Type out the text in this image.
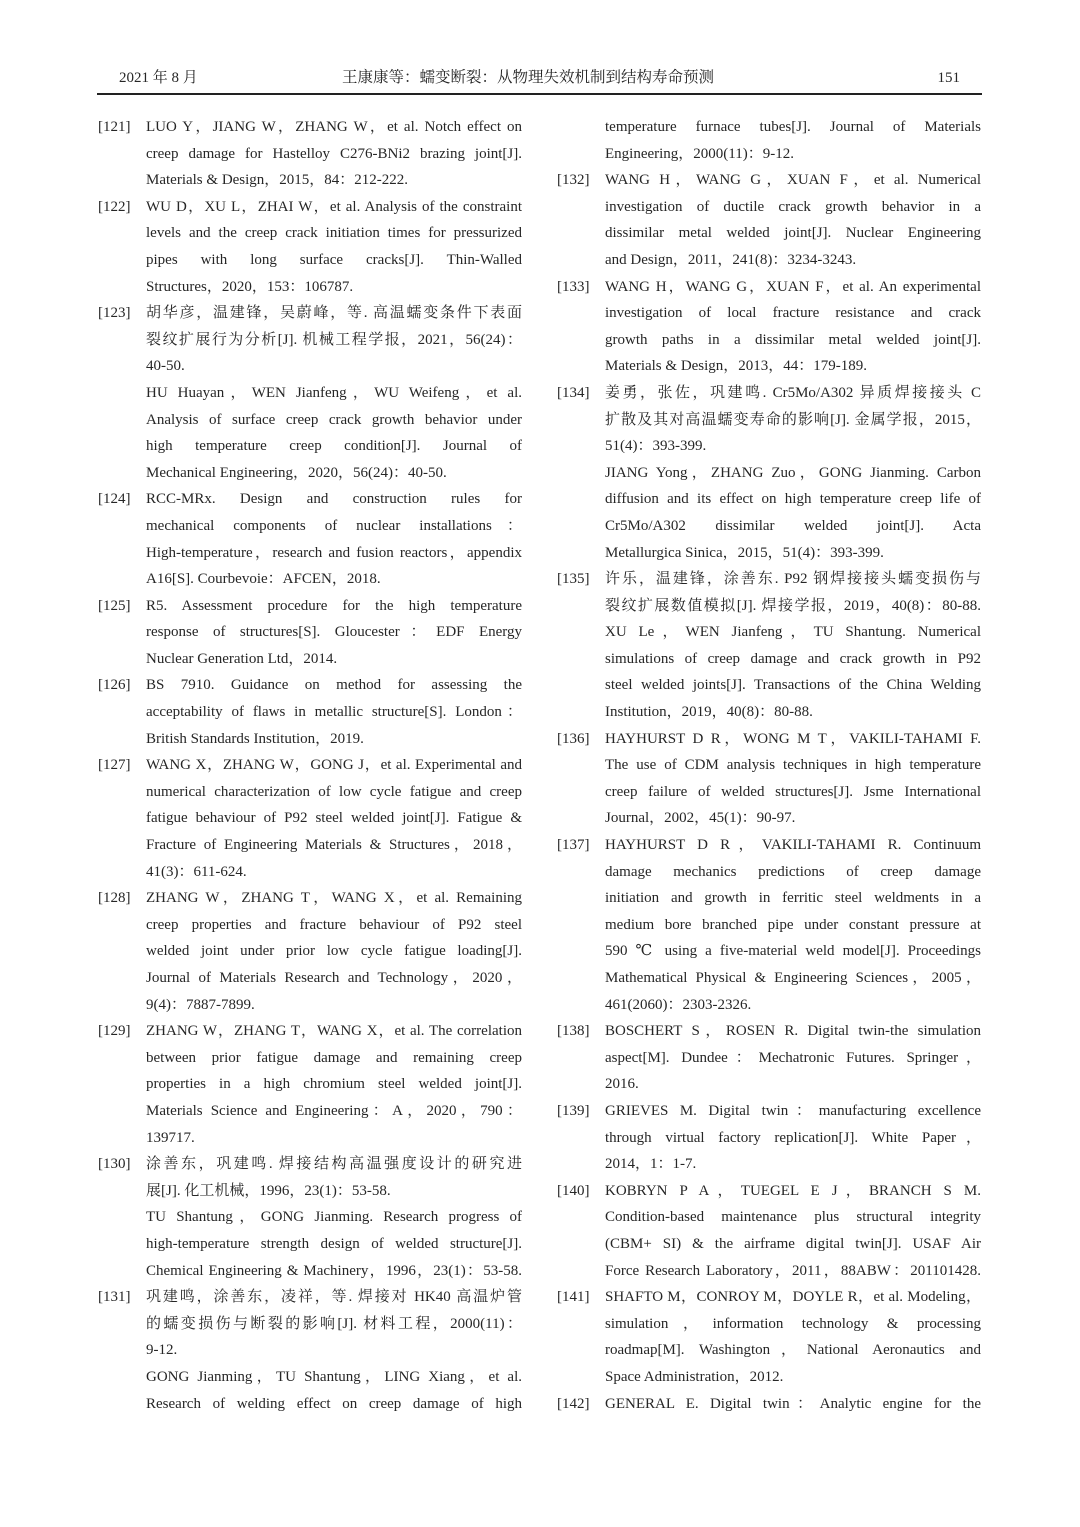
2021 年 8 月	王康康等：蠕变断裂：从物理失效机制到结构寿命预测	151
[121] LUO Y，JIANG W，ZHANG W，et al. Notch effect on
creep damage for Hastelloy C276-BNi2 brazing joint[J].
Materials & Design，2015，84：212-222.
[122] WU D，XU L，ZHAI W，et al. Analysis of the constraint
levels and the creep crack initiation times for pressurized
pipes with long surface cracks[J]. Thin-Walled
Structures，2020，153：106787.
[123] 胡华彦，温建锋，吴蔚峰，等. 高温蠕变条件下表面
裂纹扩展行为分析[J]. 机械工程学报，2021，56(24)：
40-50.
HU Huayan，WEN Jianfeng，WU Weifeng，et al.
Analysis of surface creep crack growth behavior under
high temperature creep condition[J]. Journal of
Mechanical Engineering，2020，56(24)：40-50.
[124] RCC-MRx. Design and construction rules for
mechanical components of nuclear installations：
High-temperature，research and fusion reactors，appendix
A16[S]. Courbevoie：AFCEN，2018.
[125] R5. Assessment procedure for the high temperature
response of structures[S]. Gloucester：EDF Energy
Nuclear Generation Ltd，2014.
[126] BS 7910. Guidance on method for assessing the
acceptability of flaws in metallic structure[S]. London：
British Standards Institution，2019.
[127] WANG X，ZHANG W，GONG J，et al. Experimental and
numerical characterization of low cycle fatigue and creep
fatigue behaviour of P92 steel welded joint[J]. Fatigue &
Fracture of Engineering Materials & Structures，2018，
41(3)：611-624.
[128] ZHANG W，ZHANG T，WANG X，et al. Remaining
creep properties and fracture behaviour of P92 steel
welded joint under prior low cycle fatigue loading[J].
Journal of Materials Research and Technology，2020，
9(4)：7887-7899.
[129] ZHANG W，ZHANG T，WANG X，et al. The correlation
between prior fatigue damage and remaining creep
properties in a high chromium steel welded joint[J].
Materials Science and Engineering：A，2020，790：
139717.
[130] 涂善东，巩建鸣. 焊接结构高温强度设计的研究进
展[J]. 化工机械，1996，23(1)：53-58.
TU Shantung，GONG Jianming. Research progress of
high-temperature strength design of welded structure[J].
Chemical Engineering & Machinery，1996，23(1)：53-58.
[131] 巩建鸣，涂善东，凌祥，等. 焊接对 HK40 高温炉管
的蠕变损伤与断裂的影响[J]. 材料工程，2000(11)：
9-12.
GONG Jianming，TU Shantung，LING Xiang，et al.
Research of welding effect on creep damage of high
temperature furnace tubes[J]. Journal of Materials
Engineering，2000(11)：9-12.
[132] WANG H，WANG G，XUAN F，et al. Numerical
investigation of ductile crack growth behavior in a
dissimilar metal welded joint[J]. Nuclear Engineering
and Design，2011，241(8)：3234-3243.
[133] WANG H，WANG G，XUAN F，et al. An experimental
investigation of local fracture resistance and crack
growth paths in a dissimilar metal welded joint[J].
Materials & Design，2013，44：179-189.
[134] 姜勇，张佐，巩建鸣. Cr5Mo/A302 异质焊接接头 C
扩散及其对高温蠕变寿命的影响[J]. 金属学报，2015，
51(4)：393-399.
JIANG Yong，ZHANG Zuo，GONG Jianming. Carbon
diffusion and its effect on high temperature creep life of
Cr5Mo/A302 dissimilar welded joint[J]. Acta
Metallurgica Sinica，2015，51(4)：393-399.
[135] 许乐，温建锋，涂善东. P92 钢焊接接头蠕变损伤与
裂纹扩展数值模拟[J]. 焊接学报，2019，40(8)：80-88.
XU Le，WEN Jianfeng，TU Shantung. Numerical
simulations of creep damage and crack growth in P92
steel welded joints[J]. Transactions of the China Welding
Institution，2019，40(8)：80-88.
[136] HAYHURST D R，WONG M T，VAKILI-TAHAMI F.
The use of CDM analysis techniques in high temperature
creep failure of welded structures[J]. Jsme International
Journal，2002，45(1)：90-97.
[137] HAYHURST D R，VAKILI-TAHAMI R. Continuum
damage mechanics predictions of creep damage
initiation and growth in ferritic steel weldments in a
medium bore branched pipe under constant pressure at
590 ℃ using a five-material weld model[J]. Proceedings
Mathematical Physical & Engineering Sciences，2005，
461(2060)：2303-2326.
[138] BOSCHERT S，ROSEN R. Digital twin-the simulation
aspect[M]. Dundee：Mechatronic Futures. Springer，
2016.
[139] GRIEVES M. Digital twin：manufacturing excellence
through virtual factory replication[J]. White Paper，
2014，1：1-7.
[140] KOBRYN P A，TUEGEL E J，BRANCH S M.
Condition-based maintenance plus structural integrity
(CBM+ SI) & the airframe digital twin[J]. USAF Air
Force Research Laboratory，2011，88ABW：201101428.
[141] SHAFTO M，CONROY M，DOYLE R，et al. Modeling，
simulation，information technology & processing
roadmap[M]. Washington，National Aeronautics and
Space Administration，2012.
[142] GENERAL E. Digital twin：Analytic engine for the
